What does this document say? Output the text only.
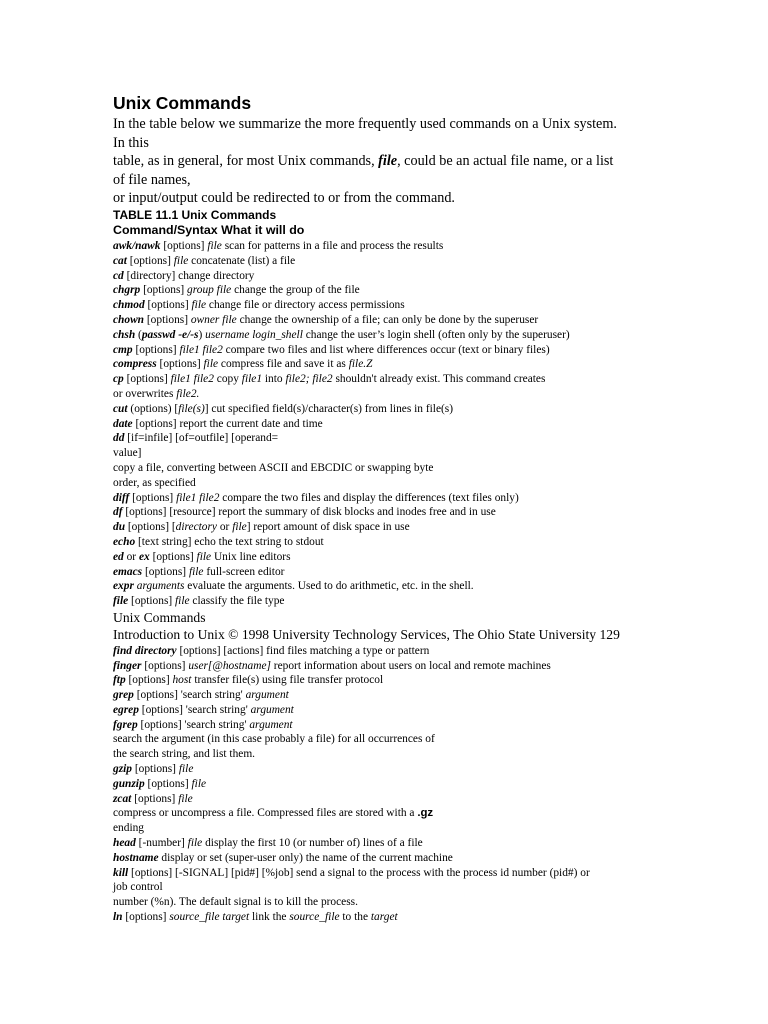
Unix Commands

In the table below we summarize the more frequently used commands on a Unix system.
In this
table, as in general, for most Unix commands, file, could be an actual file name, or a list
of file names,
or input/output could be redirected to or from the command.

TABLE 11.1 Unix Commands
Command/Syntax What it will do
awk/nawk [options] file scan for patterns in a file and process the results
cat [options] file concatenate (list) a file
cd [directory] change directory
chgrp [options] group file change the group of the file
chmod [options] file change file or directory access permissions
chown [options] owner file change the ownership of a file; can only be done by the superuser
chsh (passwd -e/-s) username login_shell change the user’s login shell (often only by the superuser)
cmp [options] file1 file2 compare two files and list where differences occur (text or binary files)
compress [options] file compress file and save it as file.Z
cp [options] file1 file2 copy file1 into file2; file2 shouldn't already exist. This command creates
or overwrites file2.
cut (options) [file(s)] cut specified field(s)/character(s) from lines in file(s)
date [options] report the current date and time
dd [if=infile] [of=outfile] [operand=
value]
copy a file, converting between ASCII and EBCDIC or swapping byte
order, as specified
diff [options] file1 file2 compare the two files and display the differences (text files only)
df [options] [resource] report the summary of disk blocks and inodes free and in use
du [options] [directory or file] report amount of disk space in use
echo [text string] echo the text string to stdout
ed or ex [options] file Unix line editors
emacs [options] file full-screen editor
expr arguments evaluate the arguments. Used to do arithmetic, etc. in the shell.
file [options] file classify the file type
Unix Commands
Introduction to Unix © 1998 University Technology Services, The Ohio State University 129
find directory [options] [actions] find files matching a type or pattern
finger [options] user[@hostname] report information about users on local and remote machines
ftp [options] host transfer file(s) using file transfer protocol
grep [options] 'search string' argument
egrep [options] 'search string' argument
fgrep [options] 'search string' argument
search the argument (in this case probably a file) for all occurrences of
the search string, and list them.
gzip [options] file
gunzip [options] file
zcat [options] file
compress or uncompress a file. Compressed files are stored with a .gz
ending
head [-number] file display the first 10 (or number of) lines of a file
hostname display or set (super-user only) the name of the current machine
kill [options] [-SIGNAL] [pid#] [%job] send a signal to the process with the process id number (pid#) or
job control
number (%n). The default signal is to kill the process.
ln [options] source_file target link the source_file to the target
